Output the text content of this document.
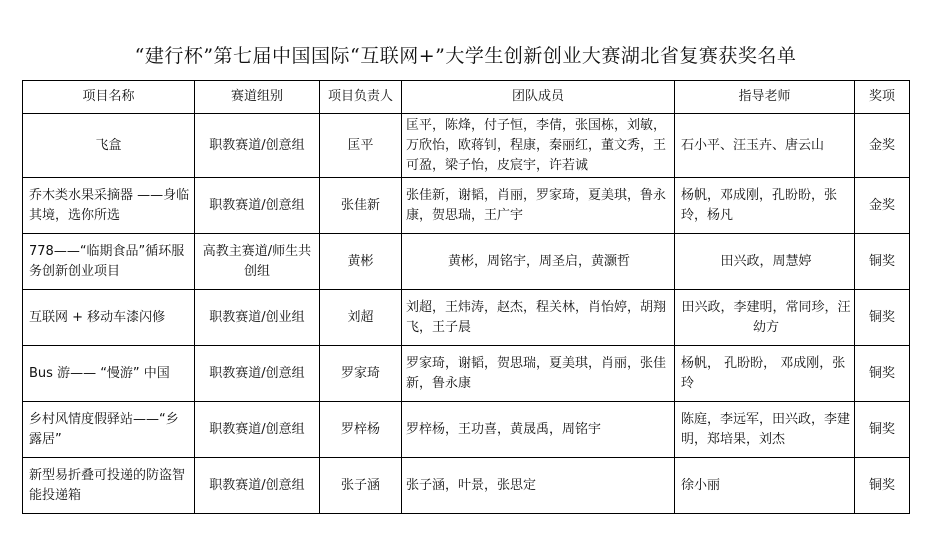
“建行杯”第七届中国国际“互联网+”大学生创新创业大赛湖北省复赛获奖名单
项目名称	赛道组别	项目负责人	团队成员	指导老师	奖项
飞盒	职教赛道/创意组	匡平	匡平，陈烽，付子恒，李倩，张国栋，刘敏，万欣怡，欧蒋钊，程康，秦丽红，董文秀，王可盈，梁子怡，皮宸宇，许若诚	石小平、汪玉卉、唐云山	金奖
乔木类水果采摘器 ——身临其境，选你所选	职教赛道/创意组	张佳新	张佳新，谢韬，肖丽，罗家琦，夏美琪，鲁永康，贺思瑞，王广宇	杨帆，邓成刚，孔盼盼，张玲，杨凡	金奖
778——“临期食品”循环服务创新创业项目	高教主赛道/师生共创组	黄彬	黄彬，周铭宇，周圣启，黄灏哲	田兴政，周慧婷	铜奖
互联网 + 移动车漆闪修	职教赛道/创业组	刘超	刘超，王炜涛，赵杰，程关林，肖怡婷，胡翔飞，王子晨	田兴政，李建明，常同珍，汪幼方	铜奖
Bus 游—— “慢游” 中国	职教赛道/创意组	罗家琦	罗家琦，谢韬，贺思瑞，夏美琪，肖丽，张佳新，鲁永康	杨帆， 孔盼盼， 邓成刚，张玲	铜奖
乡村风情度假驿站——“乡露居”	职教赛道/创意组	罗梓杨	罗梓杨，王功喜，黄晟禹，周铭宇	陈庭，李远军，田兴政，李建明，郑培果，刘杰	铜奖
新型易折叠可投递的防盗智能投递箱	职教赛道/创意组	张子涵	张子涵，叶景，张思定	徐小丽	铜奖
